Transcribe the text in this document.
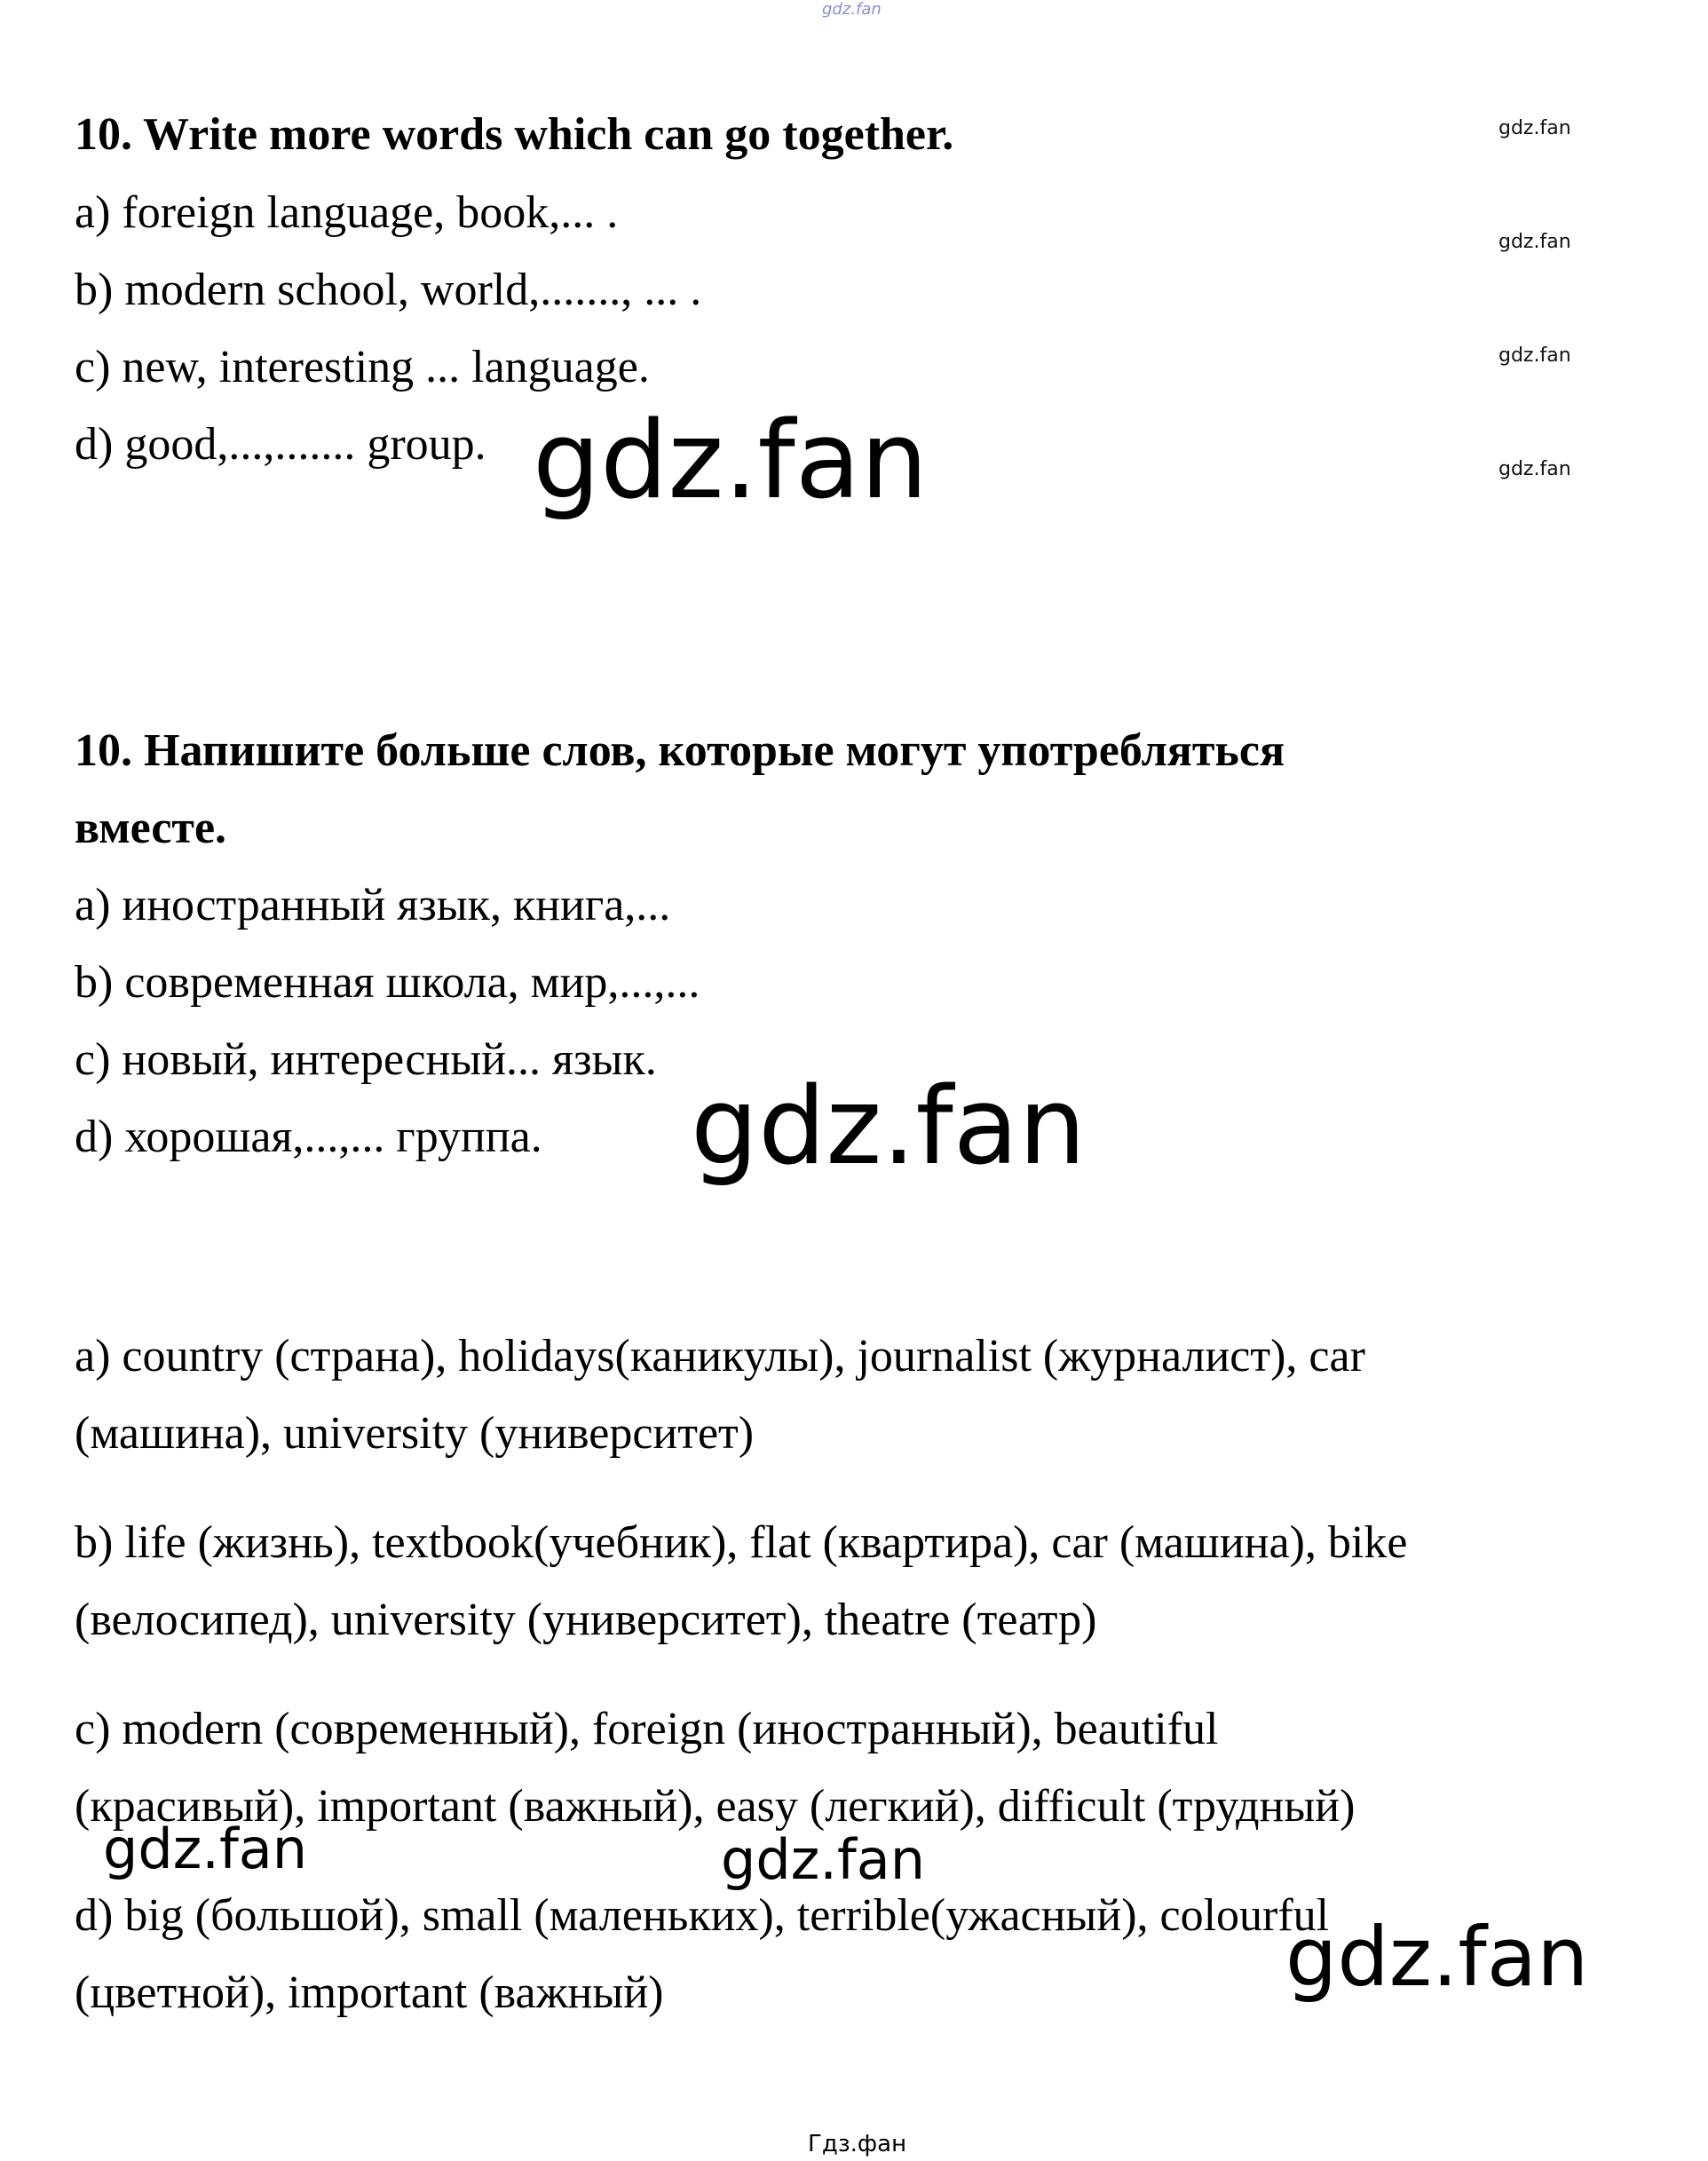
gdz.fan
gdz.fan
gdz.fan
gdz.fan
gdz.fan
10. Write more words which can go together.
a) foreign language, book,... .
b) modern school, world,......., ... .
c) new, interesting ... language.
d) good,...,....... group. gdz.fan
10. Напишите больше слов, которые могут употребляться
вместе.
a) иностранный язык, книга,...
b) современная школа, мир,...,...
c) новый, интересный... язык.
d) хорошая,...,... группа. gdz.fan
a) country (страна), holidays(каникулы), journalist (журналист), car
(машина), university (университет)
b) life (жизнь), textbook(учебник), flat (квартира), car (машина), bike
(велосипед), university (университет), theatre (театр)
c) modern (современный), foreign (иностранный), beautiful
(красивый), important (важный), easy (легкий), difficult (трудный)
gdz.fan	gdz.fan
d) big (большой), small (маленьких), terrible(ужасный), colourful
(цветной), important (важный)	gdz.fan
Гдз.фан
